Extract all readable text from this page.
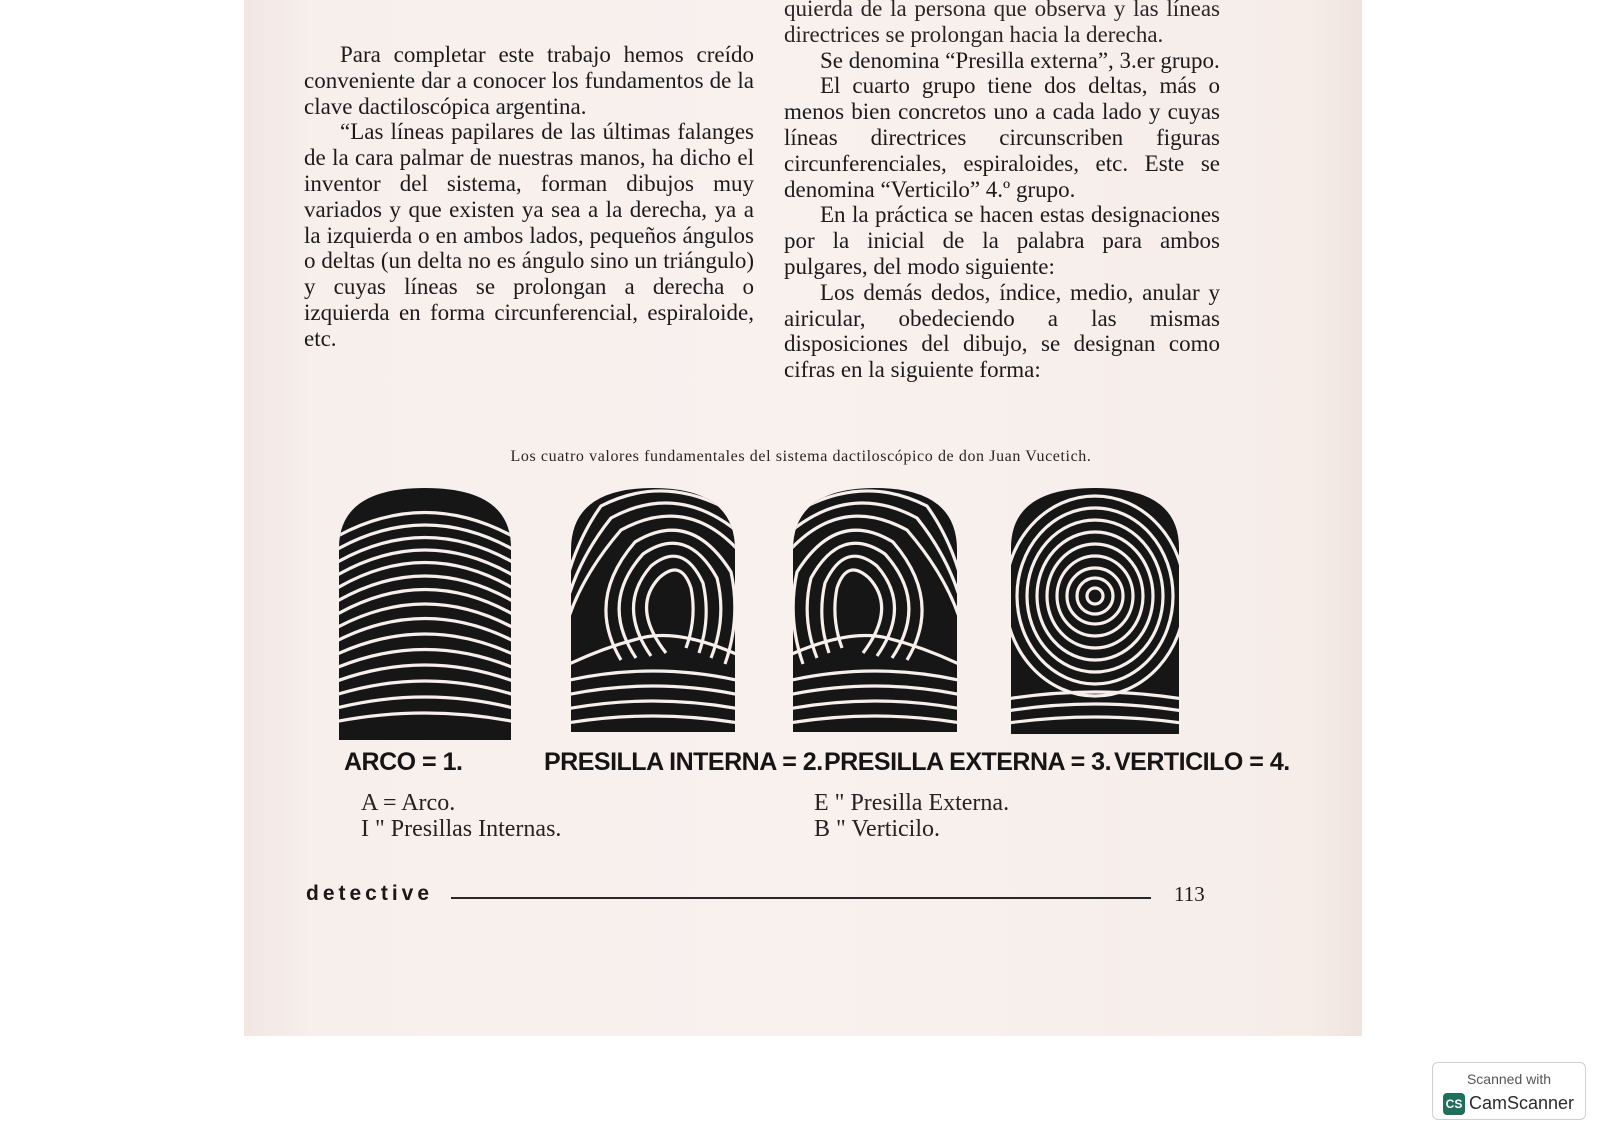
Para completar este trabajo hemos creído conveniente dar a conocer los fundamentos de la clave dactiloscópica argentina.

“Las líneas papilares de las últimas falanges de la cara palmar de nuestras manos, ha dicho el inventor del sistema, forman dibujos muy variados y que existen ya sea a la derecha, ya a la izquierda o en ambos lados, pequeños ángulos o deltas (un delta no es ángulo sino un triángulo) y cuyas líneas se prolongan a derecha o izquierda en forma circunferencial, espiraloide, etc.

quierda de la persona que observa y las líneas directrices se prolongan hacia la derecha.

Se denomina “Presilla externa”, 3.er grupo.

El cuarto grupo tiene dos deltas, más o menos bien concretos uno a cada lado y cuyas líneas directrices circunscriben figuras circunferenciales, espiraloides, etc. Este se denomina “Verticilo” 4.º grupo.

En la práctica se hacen estas designaciones por la inicial de la palabra para ambos pulgares, del modo siguiente:

Los demás dedos, índice, medio, anular y airicular, obedeciendo a las mismas disposiciones del dibujo, se designan como cifras en la siguiente forma:

Los cuatro valores fundamentales del sistema dactiloscópico de don Juan Vucetich.
ARCO = 1.	PRESILLA INTERNA = 2. PRESILLA EXTERNA = 3. VERTICILO = 4.
A = Arco.
I " Presillas Internas.
E " Presilla Externa.
B " Verticilo.
detective	113
Scanned with
CS CamScanner
